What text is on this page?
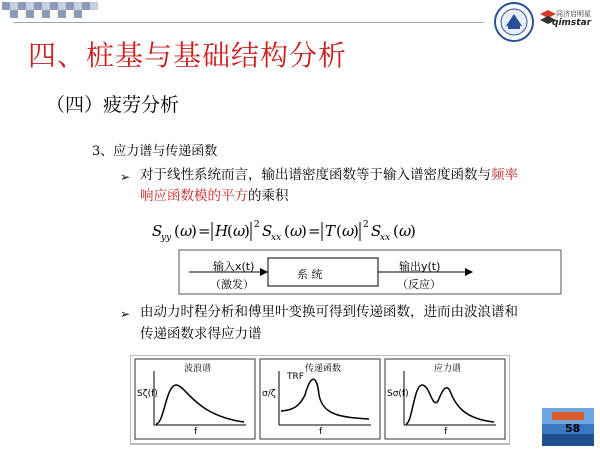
同济启明星
qimstar
四、桩基与基础结构分析
（四）疲劳分析
3、应力谱与传递函数
➢ 对于线性系统而言，输出谱密度函数等于输入谱密度函数与频率
响应函数模的平方的乘积
S
yy ( ω
) = H
( ω
) 2 S
xx ( ω
) = T ( ω
) 2 S
xx ( ω
)
输入x(t)
（激发）
系 统
输出y(t)
（反应）
➢ 由动力时程分析和傅里叶变换可得到传递函数，进而由波浪谱和
传递函数求得应力谱
波浪谱
Sζ(f)
f
传递函数
TRF
σ/ζ
f
应力谱
Sσ(f)
f	58
